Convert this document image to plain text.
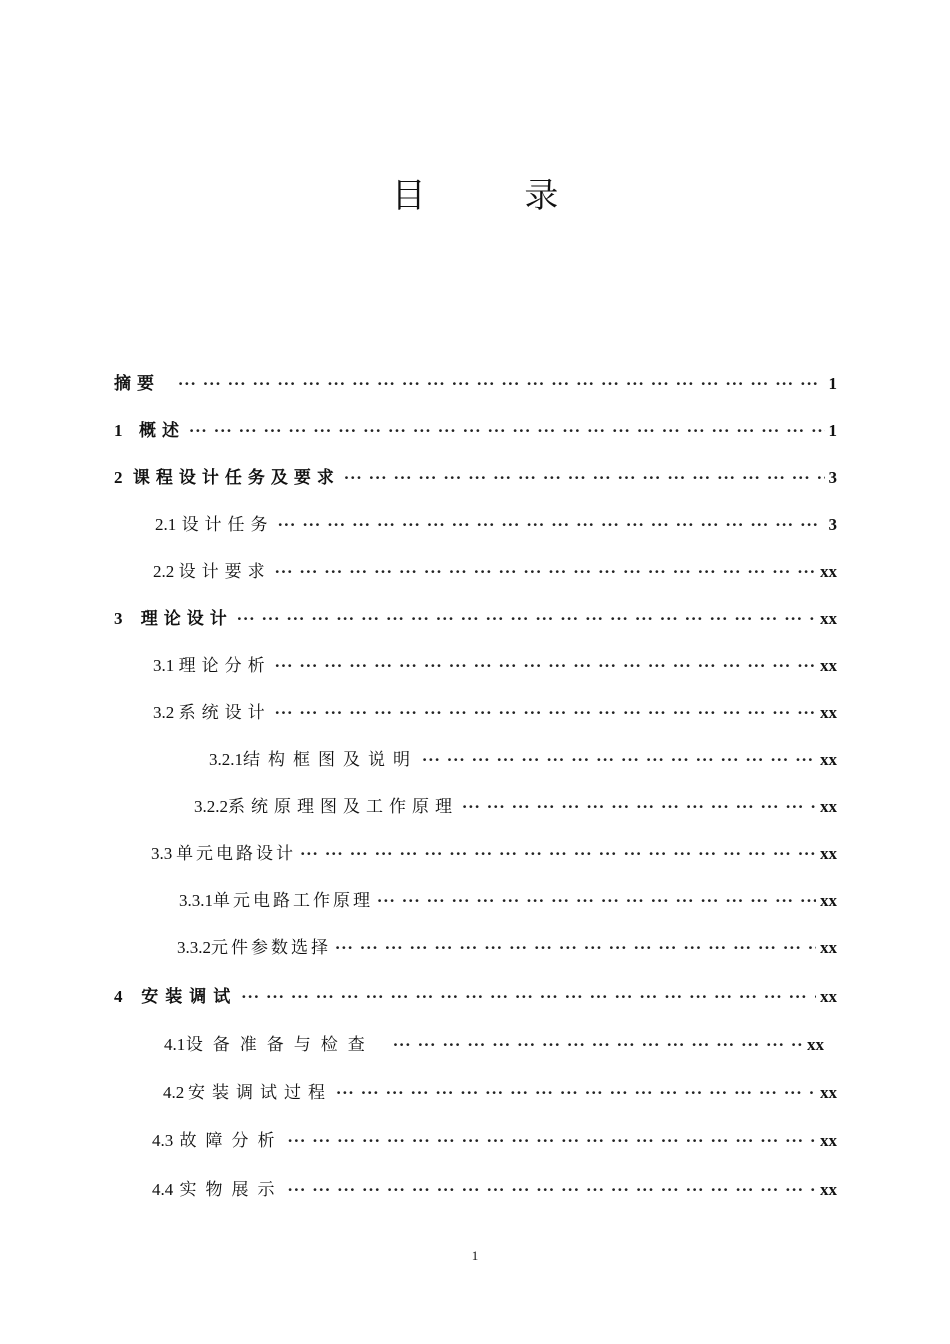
目 录
摘要 ··· ·	1
1 概述 ··· ·	1
2 课程设计任务及要求 ··· ·	3
2.1 设计任务 ··· ·	3
2.2 设计要求 ··· ·	xx
3	理论设计 ··· ·	xx
3.1 理论分析 ··· ·	xx
3.2 系统设计 ··· ·	xx
3.2.1 结构框图及说明 ··· ·	xx
3.2.2 系统原理图及工作原理 ··· ·	xx
3.3 单元电路设计 ··· ·	xx
3.3.1 单元电路工作原理 ··· ·	xx
3.3.2 元件参数选择 ··· ·	xx
4	安装调试 ··· ·	xx
4.1 设备准备与检查 ··· ·	xx
4.2 安装调试过程 ··· ·	xx
4.3 故障分析 ··· ·	xx
4.4 实物展示 ··· ·	xx
1
